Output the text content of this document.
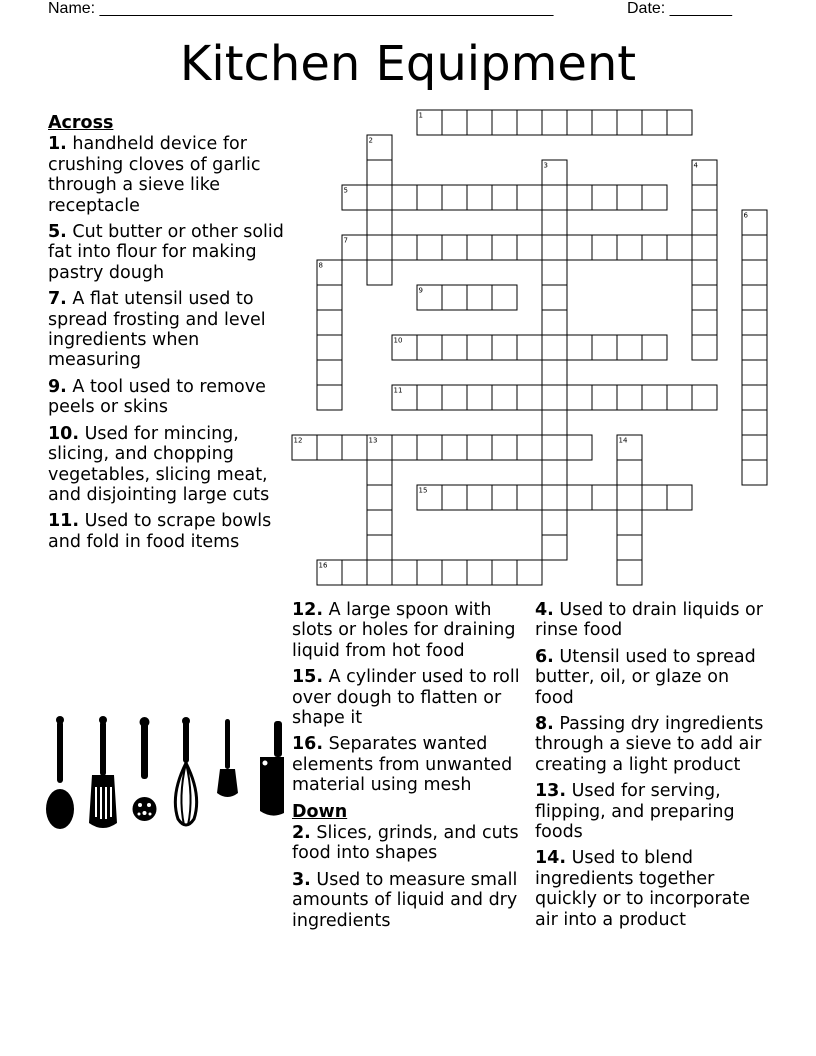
Name: ___________________________________________________	Date: _______
Kitchen Equipment
1
2
3	4
5
6
7
8
9
10
11
12	13	14
15
16
Across
1. handheld device for crushing cloves of garlic through a sieve like receptacle
5. Cut butter or other solid fat into flour for making pastry dough
7. A flat utensil used to spread frosting and level ingredients when measuring
9. A tool used to remove peels or skins
10. Used for mincing, slicing, and chopping vegetables, slicing meat, and disjointing large cuts
11. Used to scrape bowls and fold in food items
12. A large spoon with slots or holes for draining liquid from hot food
15. A cylinder used to roll over dough to flatten or shape it
16. Separates wanted elements from unwanted material using mesh
Down
2. Slices, grinds, and cuts food into shapes
3. Used to measure small amounts of liquid and dry ingredients
4. Used to drain liquids or rinse food
6. Utensil used to spread butter, oil, or glaze on food
8. Passing dry ingredients through a sieve to add air creating a light product
13. Used for serving, flipping, and preparing foods
14. Used to blend ingredients together quickly or to incorporate air into a product
